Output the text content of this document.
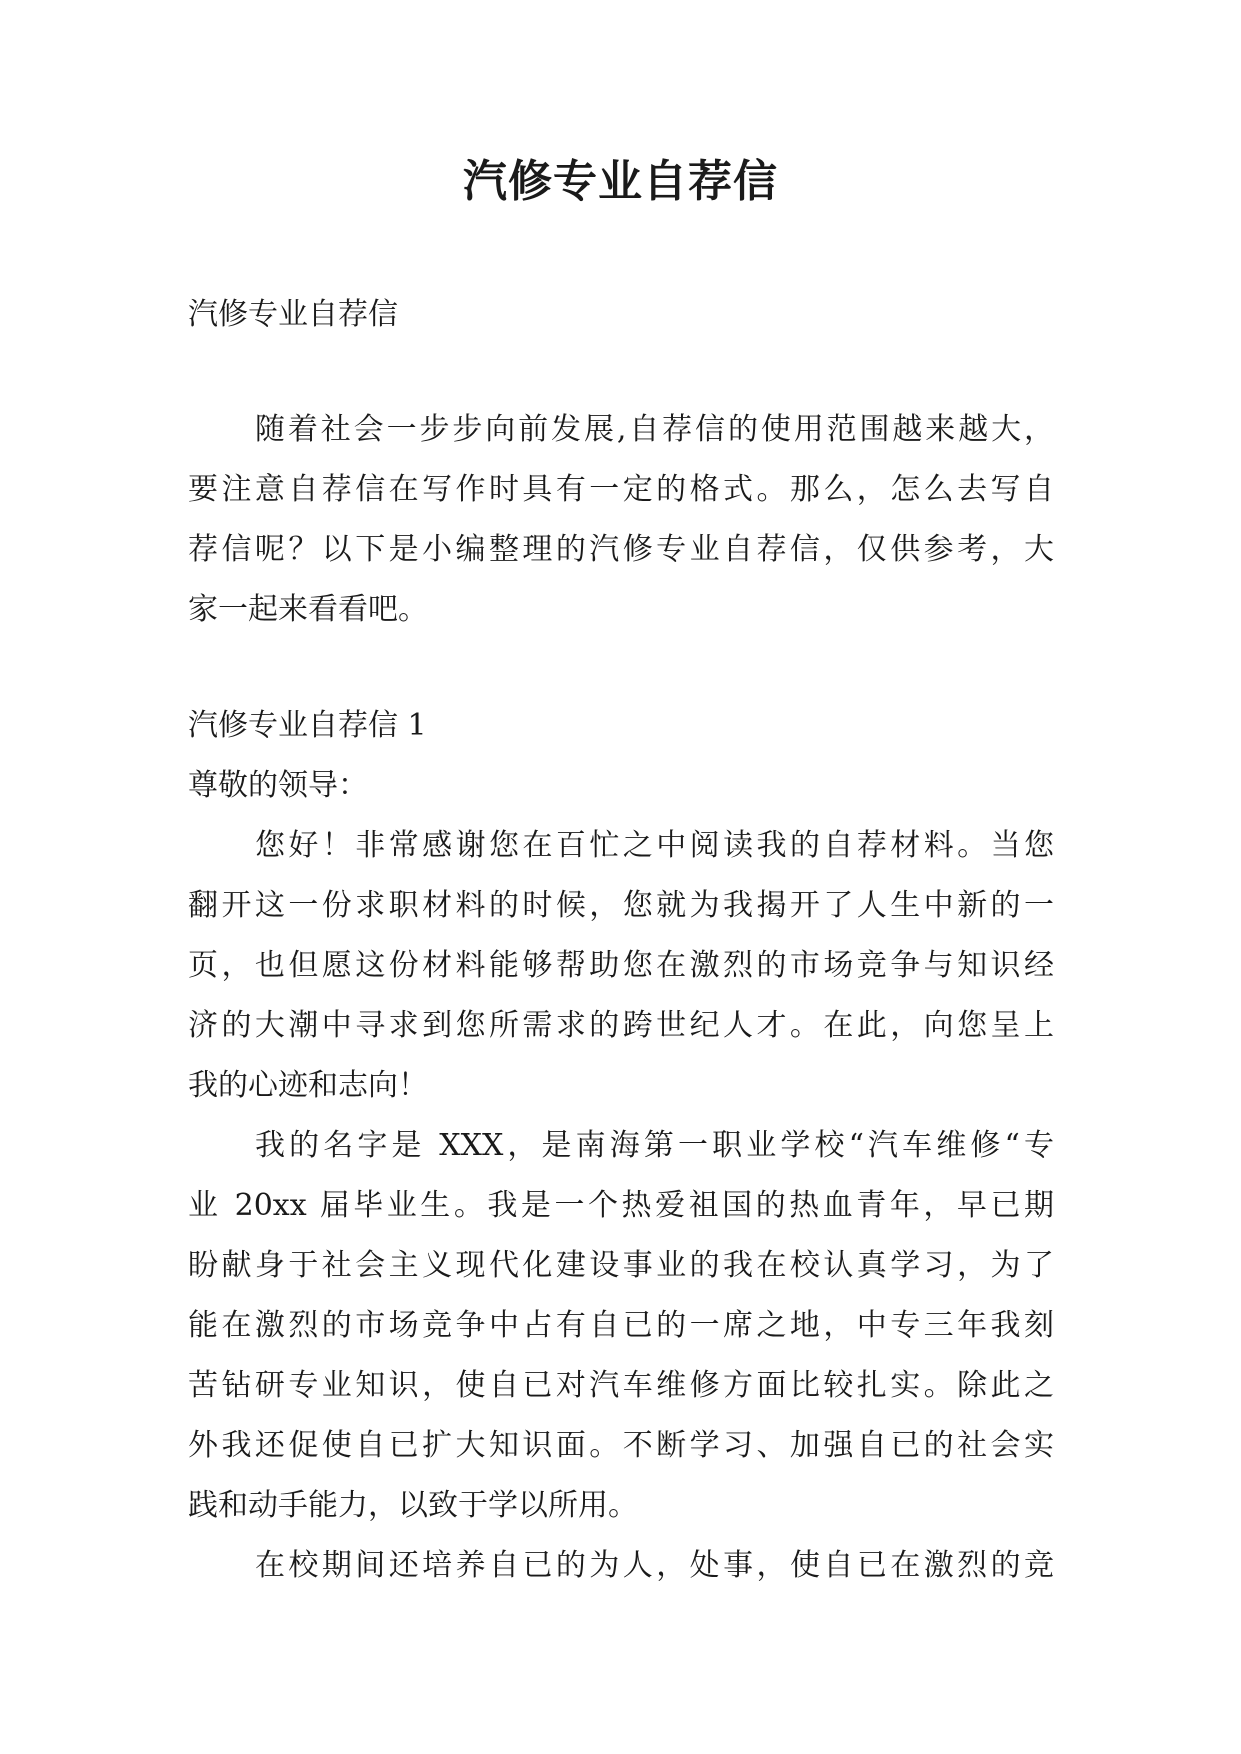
汽修专业自荐信

汽修专业自荐信

随着社会一步步向前发展,自荐信的使用范围越来越大，

要注意自荐信在写作时具有一定的格式。那么，怎么去写自

荐信呢？以下是小编整理的汽修专业自荐信，仅供参考，大

家一起来看看吧。

汽修专业自荐信 1

尊敬的领导：

您好！非常感谢您在百忙之中阅读我的自荐材料。当您

翻开这一份求职材料的时候，您就为我揭开了人生中新的一

页，也但愿这份材料能够帮助您在激烈的市场竞争与知识经

济的大潮中寻求到您所需求的跨世纪人才。在此，向您呈上

我的心迹和志向！

我的名字是 XXX，是南海第一职业学校“汽车维修“专

业 20xx 届毕业生。我是一个热爱祖国的热血青年，早已期

盼献身于社会主义现代化建设事业的我在校认真学习，为了

能在激烈的市场竞争中占有自已的一席之地，中专三年我刻

苦钻研专业知识，使自已对汽车维修方面比较扎实。除此之

外我还促使自已扩大知识面。不断学习、加强自已的社会实

践和动手能力，以致于学以所用。

在校期间还培养自已的为人，处事，使自已在激烈的竞
